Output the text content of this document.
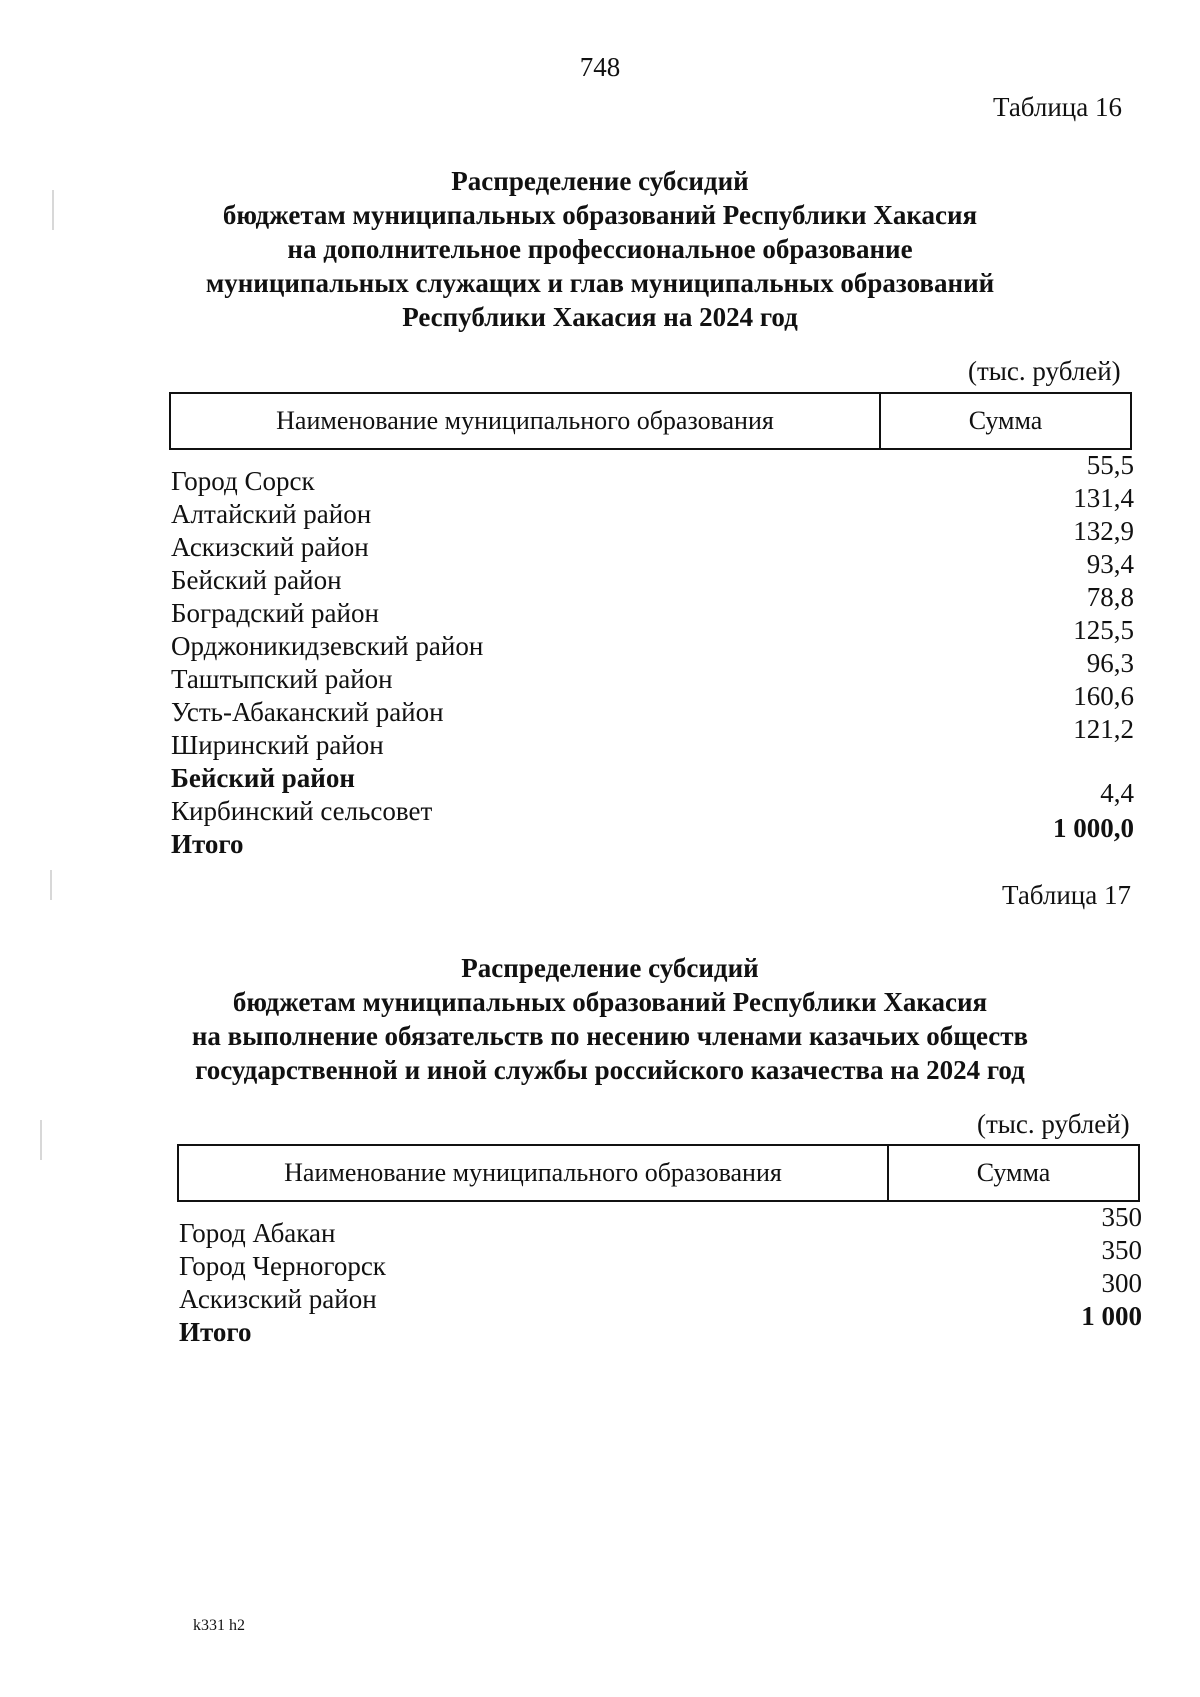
748
Таблица 16
Распределение субсидий
бюджетам муниципальных образований Республики Хакасия
на дополнительное профессиональное образование
муниципальных служащих и глав муниципальных образований
Республики Хакасия на 2024 год
(тыс. рублей)
Наименование муниципального образования	Сумма
Город Сорск
55,5
Алтайский район
131,4
Аскизский район
132,9
Бейский район
93,4
Боградский район
78,8
Орджоникидзевский район
125,5
Таштыпский район
96,3
Усть-Абаканский район
160,6
Ширинский район
121,2
Бейский район
Кирбинский сельсовет
4,4
Итого
1 000,0
Таблица 17
Распределение субсидий
бюджетам муниципальных образований Республики Хакасия
на выполнение обязательств по несению членами казачьих обществ
государственной и иной службы российского казачества на 2024 год
(тыс. рублей)
Наименование муниципального образования	Сумма
Город Абакан
350
Город Черногорск
350
Аскизский район
300
Итого
1 000
k331 h2
